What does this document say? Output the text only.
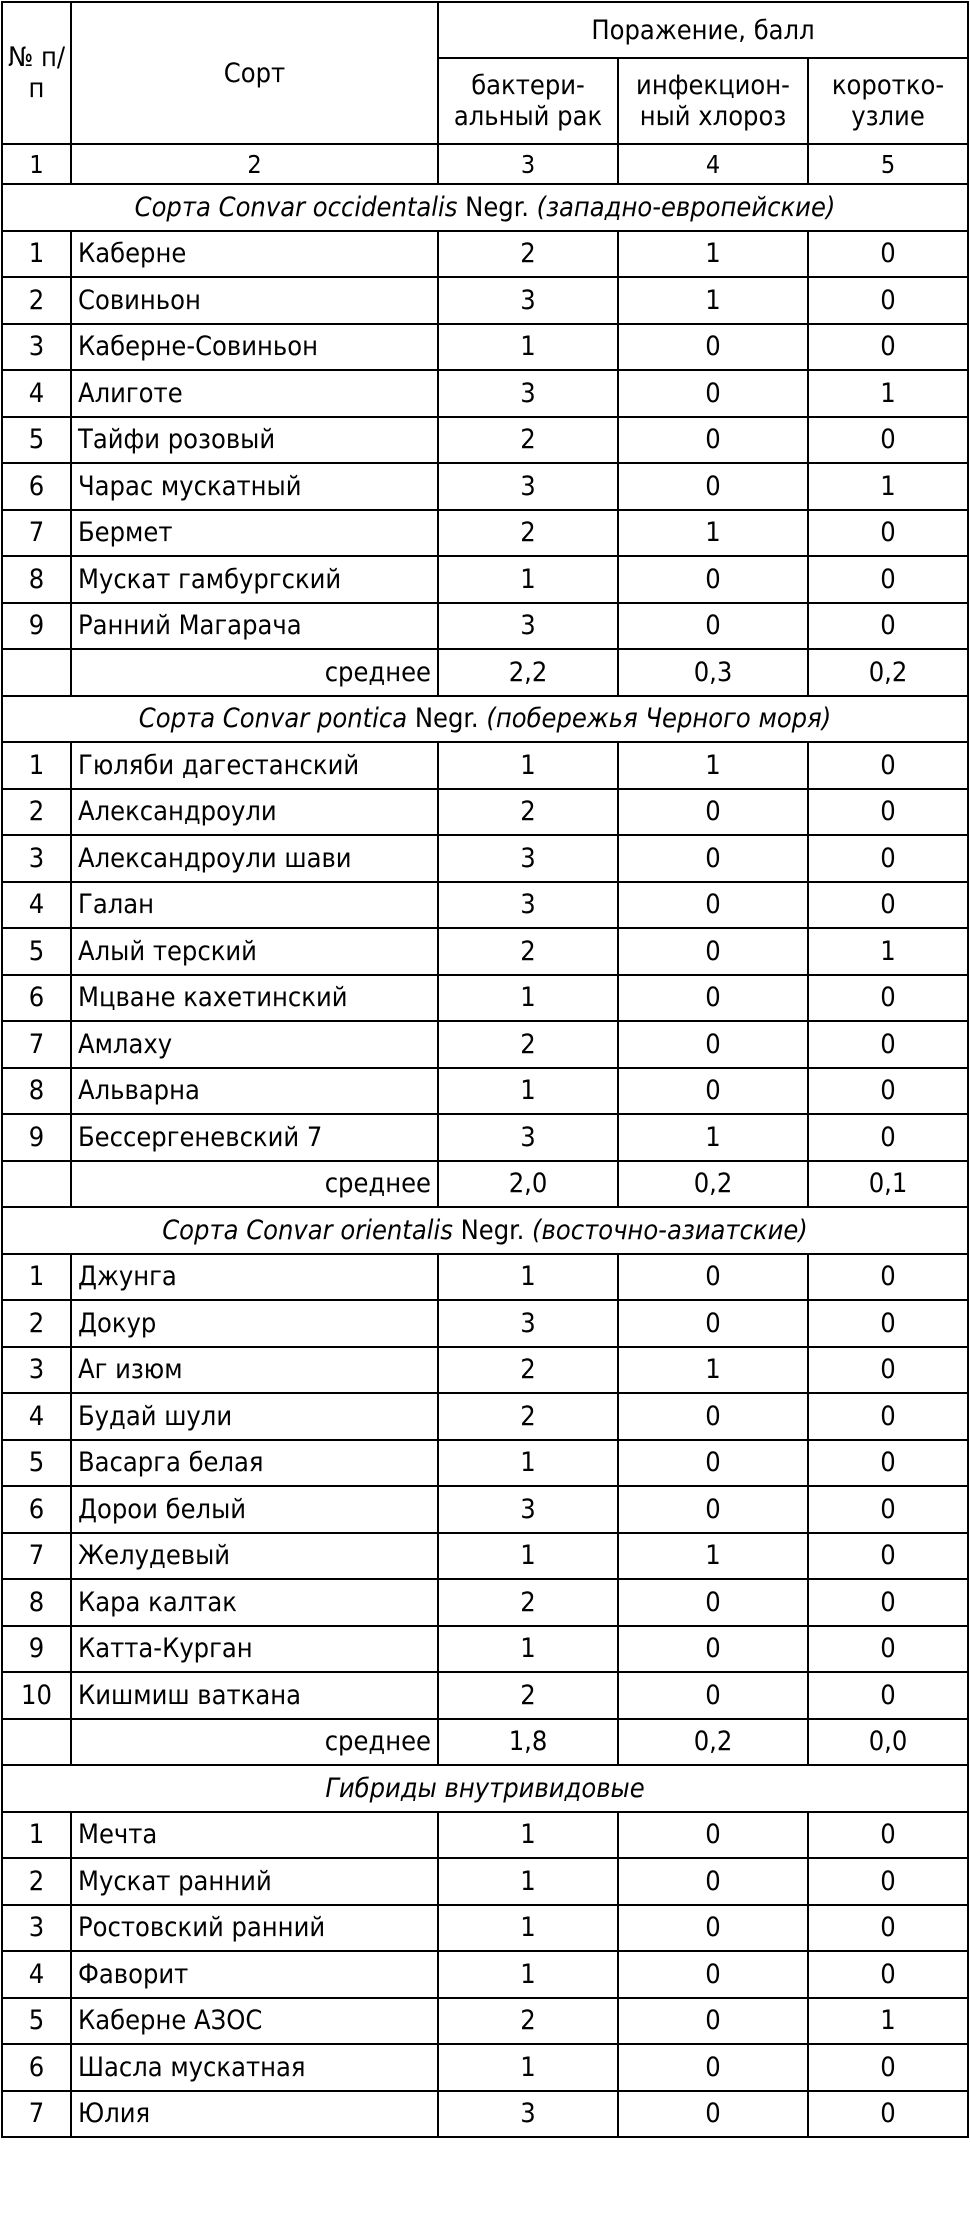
№ п/п	Сорт	Поражение, балл		
		бактери- альный рак	инфекцион- ный хлороз	коротко- узлие
1	2	3	4	5
Сорта Convar occidentalis Negr. (западно-европейские)				
1	Каберне	2	1	0
2	Совиньон	3	1	0
3	Каберне-Совиньон	1	0	0
4	Алиготе	3	0	1
5	Тайфи розовый	2	0	0
6	Чарас мускатный	3	0	1
7	Бермет	2	1	0
8	Мускат гамбургский	1	0	0
9	Ранний Магарача	3	0	0
	среднее	2,2	0,3	0,2
Сорта Convar pontica Negr. (побережья Черного моря)				
1	Гюляби дагестанский	1	1	0
2	Александроули	2	0	0
3	Александроули шави	3	0	0
4	Галан	3	0	0
5	Алый терский	2	0	1
6	Мцване кахетинский	1	0	0
7	Амлаху	2	0	0
8	Альварна	1	0	0
9	Бессергеневский 7	3	1	0
	среднее	2,0	0,2	0,1
Сорта Convar orientalis Negr. (восточно-азиатские)				
1	Джунга	1	0	0
2	Докур	3	0	0
3	Аг изюм	2	1	0
4	Будай шули	2	0	0
5	Васарга белая	1	0	0
6	Дорои белый	3	0	0
7	Желудевый	1	1	0
8	Кара калтак	2	0	0
9	Катта-Курган	1	0	0
10	Кишмиш ваткана	2	0	0
	среднее	1,8	0,2	0,0
Гибриды внутривидовые				
1	Мечта	1	0	0
2	Мускат ранний	1	0	0
3	Ростовский ранний	1	0	0
4	Фаворит	1	0	0
5	Каберне АЗОС	2	0	1
6	Шасла мускатная	1	0	0
7	Юлия	3	0	0
